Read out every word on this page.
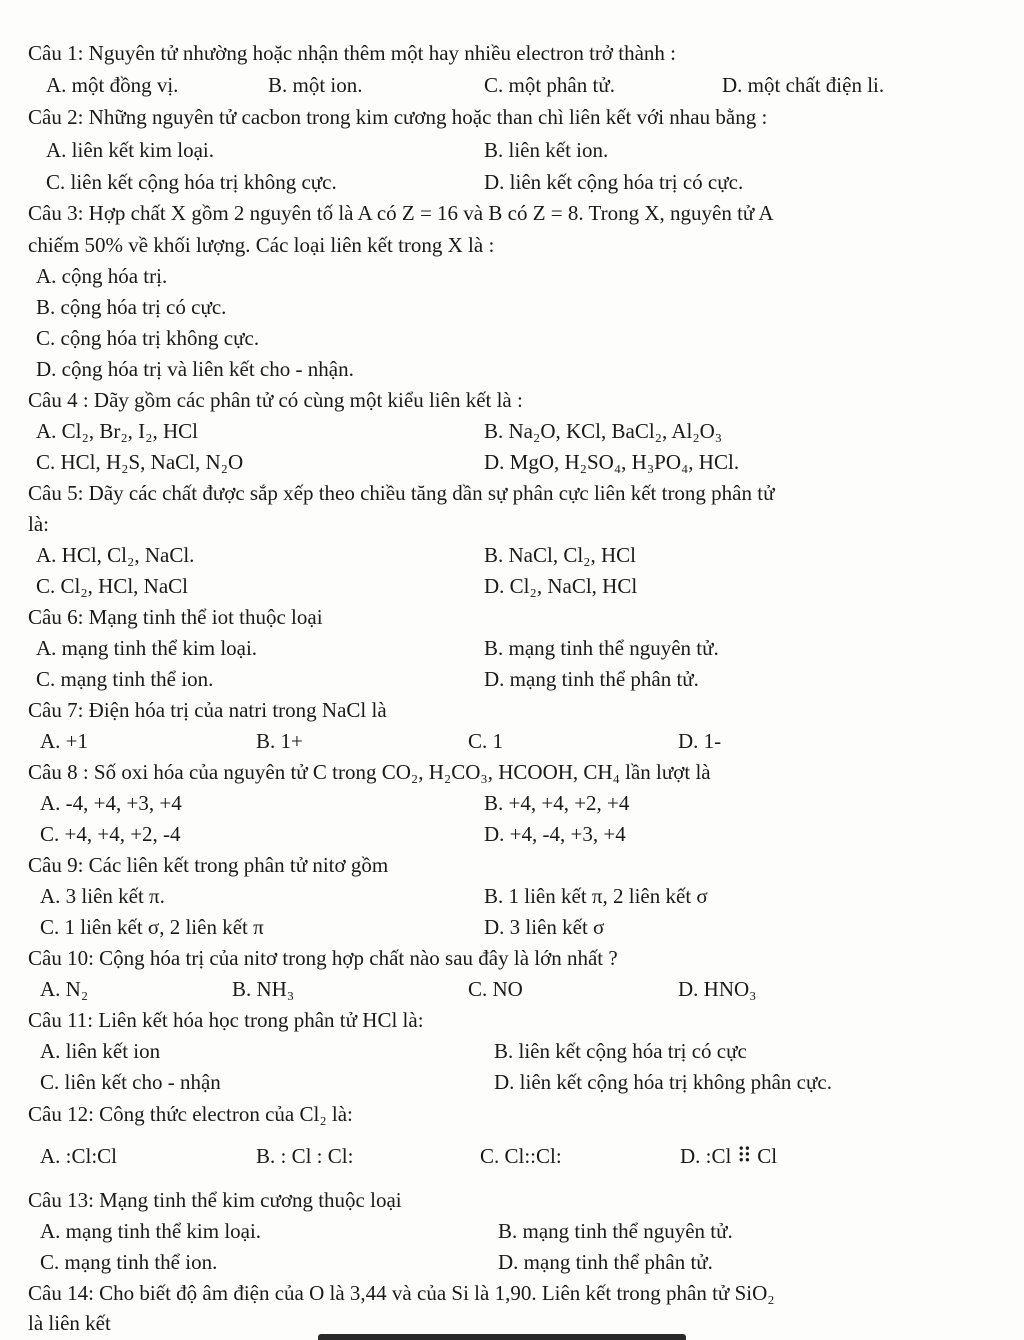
Câu 1: Nguyên tử nhường hoặc nhận thêm một hay nhiều electron trở thành :
A. một đồng vị.	B. một ion.	C. một phân tử.	D. một chất điện li.
Câu 2: Những nguyên tử cacbon trong kim cương hoặc than chì liên kết với nhau bằng :
A. liên kết kim loại.	B. liên kết ion.
C. liên kết cộng hóa trị không cực.	D. liên kết cộng hóa trị có cực.
Câu 3: Hợp chất X gồm 2 nguyên tố là A có Z = 16 và B có Z = 8. Trong X, nguyên tử A
chiếm 50% về khối lượng. Các loại liên kết trong X là :
A. cộng hóa trị.
B. cộng hóa trị có cực.
C. cộng hóa trị không cực.
D. cộng hóa trị và liên kết cho - nhận.
Câu 4 : Dãy gồm các phân tử có cùng một kiểu liên kết là :
A. Cl₂, Br₂, I₂, HCl	B. Na₂O, KCl, BaCl₂, Al₂O₃
C. HCl, H₂S, NaCl, N₂O	D. MgO, H₂SO₄, H₃PO₄, HCl.
Câu 5: Dãy các chất được sắp xếp theo chiều tăng dần sự phân cực liên kết trong phân tử
là:
A. HCl, Cl₂, NaCl.	B. NaCl, Cl₂, HCl
C. Cl₂, HCl, NaCl	D. Cl₂, NaCl, HCl
Câu 6: Mạng tinh thể iot thuộc loại
A. mạng tinh thể kim loại.	B. mạng tinh thể nguyên tử.
C. mạng tinh thể ion.	D. mạng tinh thể phân tử.
Câu 7: Điện hóa trị của natri trong NaCl là
A. +1	B. 1+	C. 1	D. 1-
Câu 8 : Số oxi hóa của nguyên tử C trong CO₂, H₂CO₃, HCOOH, CH₄ lần lượt là
A. -4, +4, +3, +4	B. +4, +4, +2, +4
C. +4, +4, +2, -4	D. +4, -4, +3, +4
Câu 9: Các liên kết trong phân tử nitơ gồm
A. 3 liên kết π.	B. 1 liên kết π, 2 liên kết σ
C. 1 liên kết σ, 2 liên kết π	D. 3 liên kết σ
Câu 10: Cộng hóa trị của nitơ trong hợp chất nào sau đây là lớn nhất ?
A. N₂	B. NH₃	C. NO	D. HNO₃
Câu 11: Liên kết hóa học trong phân tử HCl là:
A. liên kết ion	B. liên kết cộng hóa trị có cực
C. liên kết cho - nhận	D. liên kết cộng hóa trị không phân cực.
Câu 12: Công thức electron của Cl₂ là:
A. :Cl:Cl	B. : Cl : Cl:	C. Cl::Cl:	D. :Cl ⠿ Cl
Câu 13: Mạng tinh thể kim cương thuộc loại
A. mạng tinh thể kim loại.	B. mạng tinh thể nguyên tử.
C. mạng tinh thể ion.	D. mạng tinh thể phân tử.
Câu 14: Cho biết độ âm điện của O là 3,44 và của Si là 1,90. Liên kết trong phân tử SiO₂
là liên kết
